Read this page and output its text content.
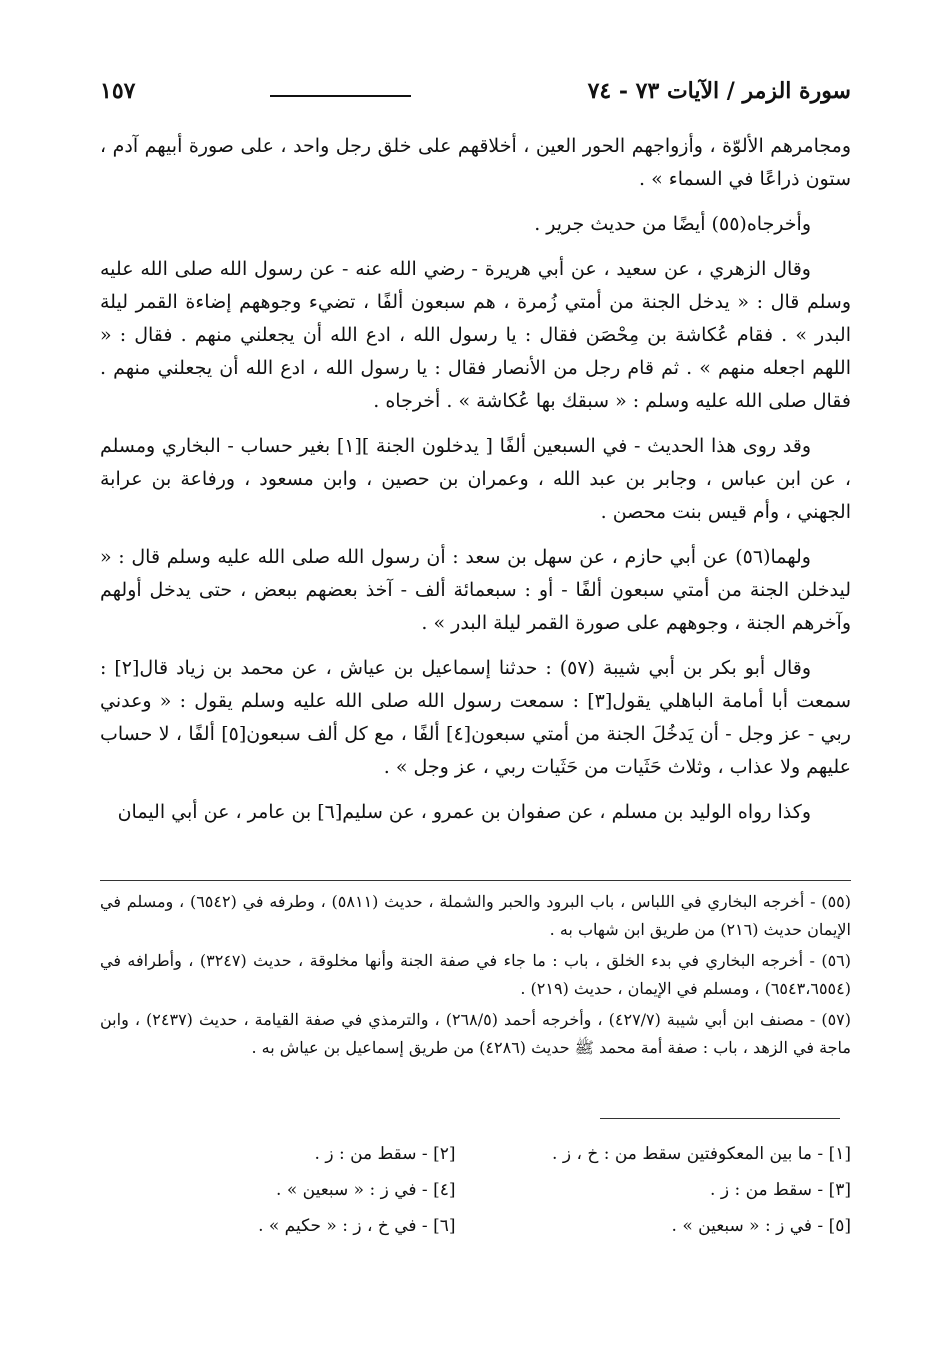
سورة الزمر / الآيات ٧٣ - ٧٤
١٥٧

ومجامرهم الألوّة ، وأزواجهم الحور العين ، أخلاقهم على خلق رجل واحد ، على صورة أبيهم آدم ، ستون ذراعًا في السماء » .

وأخرجاه(٥٥) أيضًا من حديث جرير .

وقال الزهري ، عن سعيد ، عن أبي هريرة - رضي الله عنه - عن رسول الله صلى الله عليه وسلم قال : « يدخل الجنة من أمتي زُمرة ، هم سبعون ألفًا ، تضيء وجوههم إضاءة القمر ليلة البدر » . فقام عُكاشة بن مِحْصَن فقال : يا رسول الله ، ادع الله أن يجعلني منهم . فقال : « اللهم اجعله منهم » . ثم قام رجل من الأنصار فقال : يا رسول الله ، ادع الله أن يجعلني منهم . فقال صلى الله عليه وسلم : « سبقك بها عُكاشة » . أخرجاه .

وقد روى هذا الحديث - في السبعين ألفًا [ يدخلون الجنة ][١] بغير حساب - البخاري ومسلم ، عن ابن عباس ، وجابر بن عبد الله ، وعمران بن حصين ، وابن مسعود ، ورفاعة بن عرابة الجهني ، وأم قيس بنت محصن .

ولهما(٥٦) عن أبي حازم ، عن سهل بن سعد : أن رسول الله صلى الله عليه وسلم قال : « ليدخلن الجنة من أمتي سبعون ألفًا - أو : سبعمائة ألف - آخذ بعضهم ببعض ، حتى يدخل أولهم وآخرهم الجنة ، وجوههم على صورة القمر ليلة البدر » .

وقال أبو بكر بن أبي شيبة (٥٧) : حدثنا إسماعيل بن عياش ، عن محمد بن زياد قال[٢] : سمعت أبا أمامة الباهلي يقول[٣] : سمعت رسول الله صلى الله عليه وسلم يقول : « وعدني ربي - عز وجل - أن يَدخُلَ الجنة من أمتي سبعون[٤] ألفًا ، مع كل ألف سبعون[٥] ألفًا ، لا حساب عليهم ولا عذاب ، وثلاث حَثَيات من حَثَيات ربي ، عز وجل » .

وكذا رواه الوليد بن مسلم ، عن صفوان بن عمرو ، عن سليم[٦] بن عامر ، عن أبي اليمان

(٥٥) - أخرجه البخاري في اللباس ، باب البرود والحبر والشملة ، حديث (٥٨١١) ، وطرفه في (٦٥٤٢) ، ومسلم في الإيمان حديث (٢١٦) من طريق ابن شهاب به .

(٥٦) - أخرجه البخاري في بدء الخلق ، باب : ما جاء في صفة الجنة وأنها مخلوقة ، حديث (٣٢٤٧) ، وأطرافه في (٦٥٤٣،٦٥٥٤) ، ومسلم في الإيمان ، حديث (٢١٩) .

(٥٧) - مصنف ابن أبي شيبة (٤٢٧/٧) ، وأخرجه أحمد (٢٦٨/٥) ، والترمذي في صفة القيامة ، حديث (٢٤٣٧) ، وابن ماجة في الزهد ، باب : صفة أمة محمد ﷺ حديث (٤٢٨٦) من طريق إسماعيل بن عياش به .

[١] - ما بين المعكوفتين سقط من : خ ، ز .
[٢] - سقط من : ز .
[٣] - سقط من : ز .
[٤] - في ز : « سبعين » .
[٥] - في ز : « سبعين » .
[٦] - في خ ، ز : « حكيم » .
